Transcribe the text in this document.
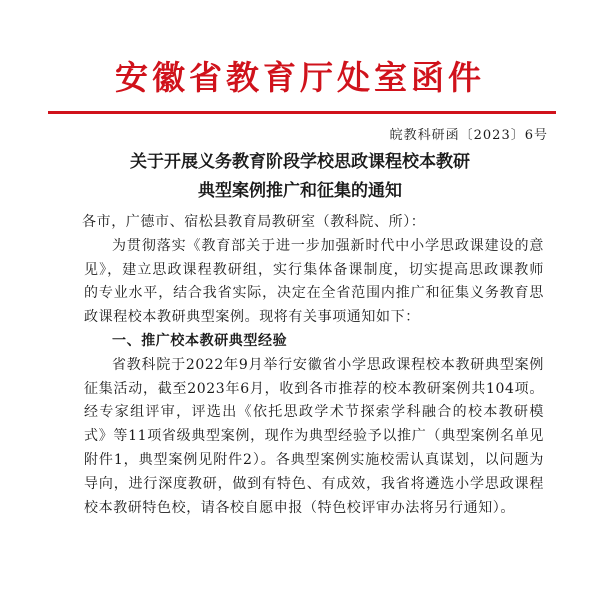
安徽省教育厅处室函件
皖教科研函〔2023〕6号
关于开展义务教育阶段学校思政课程校本教研
典型案例推广和征集的通知

各市，广德市、宿松县教育局教研室（教科院、所）：

为贯彻落实《教育部关于进一步加强新时代中小学思政课建设的意见》，建立思政课程教研组，实行集体备课制度，切实提高思政课教师的专业水平，结合我省实际，决定在全省范围内推广和征集义务教育思政课程校本教研典型案例。现将有关事项通知如下：

一、推广校本教研典型经验

省教科院于2022年9月举行安徽省小学思政课程校本教研典型案例征集活动，截至2023年6月，收到各市推荐的校本教研案例共104项。经专家组评审，评选出《依托思政学术节探索学科融合的校本教研模式》等11项省级典型案例，现作为典型经验予以推广（典型案例名单见附件1，典型案例见附件2）。各典型案例实施校需认真谋划，以问题为导向，进行深度教研，做到有特色、有成效，我省将遴选小学思政课程校本教研特色校，请各校自愿申报（特色校评审办法将另行通知）。
